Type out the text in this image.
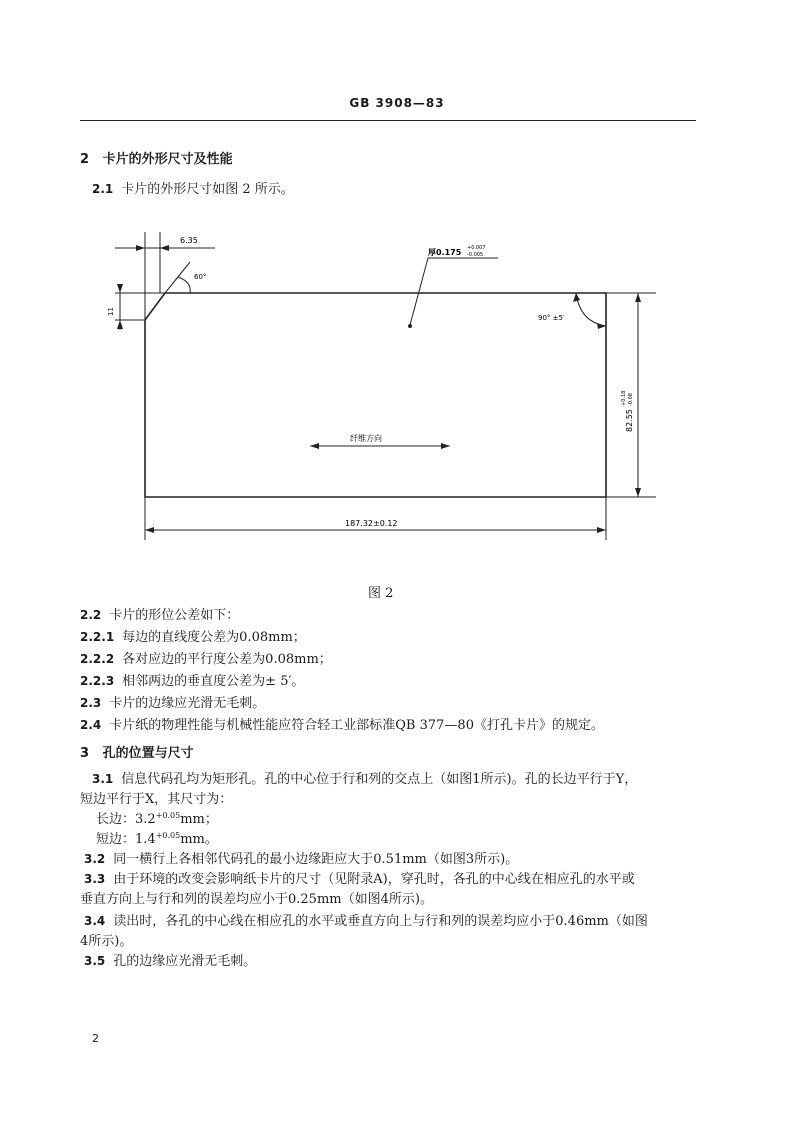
GB 3908—83
2 卡片的外形尺寸及性能
2.1 卡片的外形尺寸如图 2 所示。
6.35
60°
11
厚0.175 +0.007
-0.005
90° ±5′
82.55
+0.18 -0.08
纤维方向
187.32±0.12
图 2
2.2 卡片的形位公差如下：
2.2.1 每边的直线度公差为0.08mm；
2.2.2 各对应边的平行度公差为0.08mm；
2.2.3 相邻两边的垂直度公差为± 5′。
2.3 卡片的边缘应光滑无毛刺。
2.4 卡片纸的物理性能与机械性能应符合轻工业部标准QB 377—80《打孔卡片》的规定。
3 孔的位置与尺寸
3.1 信息代码孔均为矩形孔。孔的中心位于行和列的交点上（如图1所示)。孔的长边平行于Y，
短边平行于X，其尺寸为：
长边：$3.2^{+0.05}mm$；
短边：$1.4^{+0.05}mm$。
3.2 同一横行上各相邻代码孔的最小边缘距应大于0.51mm（如图3所示)。
3.3 由于环境的改变会影响纸卡片的尺寸（见附录A)，穿孔时，各孔的中心线在相应孔的水平或
垂直方向上与行和列的误差均应小于0.25mm（如图4所示)。
3.4 读出时，各孔的中心线在相应孔的水平或垂直方向上与行和列的误差均应小于0.46mm（如图
4所示)。
3.5 孔的边缘应光滑无毛刺。
2
